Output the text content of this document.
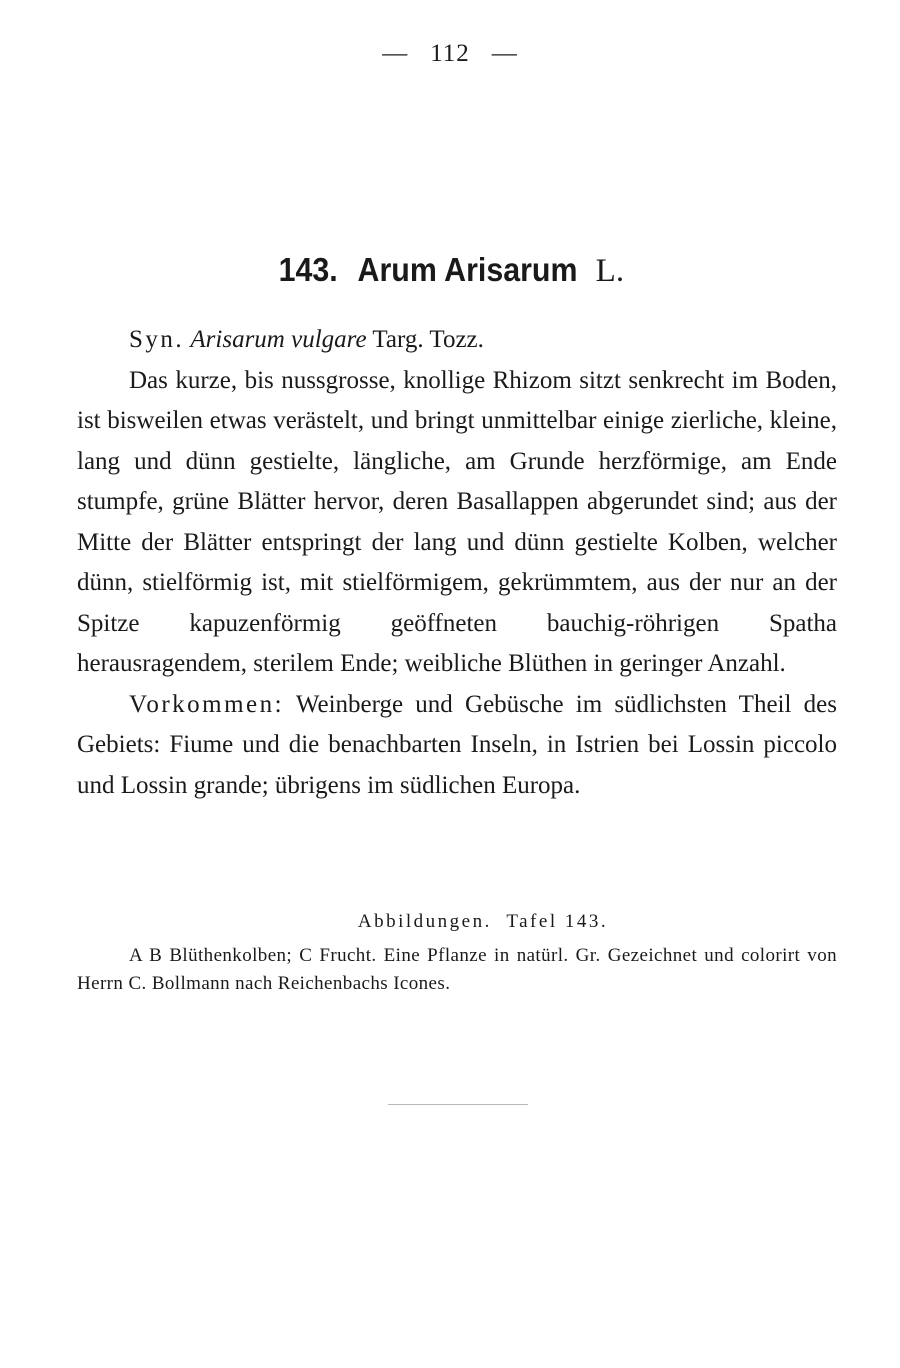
— 112 —
143. Arum Arisarum L.

Syn. Arisarum vulgare Targ. Tozz.

Das kurze, bis nussgrosse, knollige Rhizom sitzt senkrecht im Boden, ist bisweilen etwas verästelt, und bringt unmittelbar einige zierliche, kleine, lang und dünn gestielte, längliche, am Grunde herzförmige, am Ende stumpfe, grüne Blätter hervor, deren Basallappen abgerundet sind; aus der Mitte der Blätter entspringt der lang und dünn gestielte Kolben, welcher dünn, stielförmig ist, mit stielförmigem, gekrümmtem, aus der nur an der Spitze kapuzenförmig geöffneten bauchig-röhrigen Spatha herausragendem, sterilem Ende; weibliche Blüthen in geringer Anzahl.

Vorkommen: Weinberge und Gebüsche im südlichsten Theil des Gebiets: Fiume und die benachbarten Inseln, in Istrien bei Lossin piccolo und Lossin grande; übrigens im südlichen Europa.

Abbildungen. Tafel 143.
A B Blüthenkolben; C Frucht. Eine Pflanze in natürl. Gr. Gezeichnet und colorirt von Herrn C. Bollmann nach Reichenbachs Icones.
